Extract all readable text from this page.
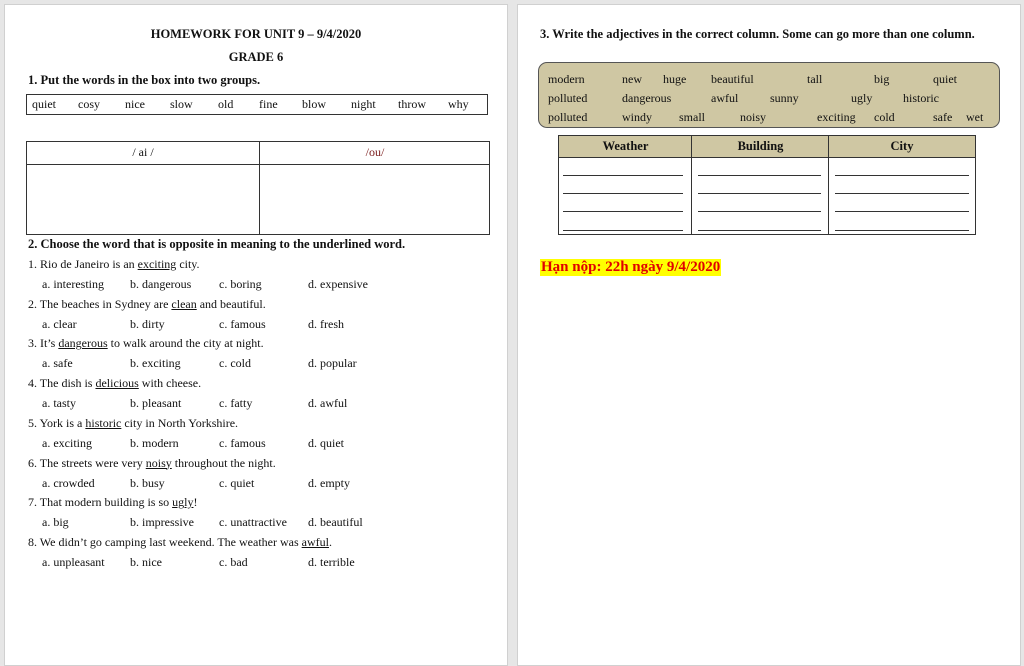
HOMEWORK FOR UNIT 9 – 9/4/2020
GRADE 6
1. Put the words in the box into two groups.
quiet cosy nice slow old fine blow night throw why
/ ai /	/ou/
2. Choose the word that is opposite in meaning to the underlined word.
1. Rio de Janeiro is an exciting city.
a. interesting b. dangerous c. boring	d. expensive
2. The beaches in Sydney are clean and beautiful.
a. clear	b. dirty	c. famous	d. fresh
3. It’s dangerous to walk around the city at night.
a. safe	b. exciting	c. cold	d. popular
4. The dish is delicious with cheese.
a. tasty	b. pleasant	c. fatty	d. awful
5. York is a historic city in North Yorkshire.
a. exciting	b. modern	c. famous	d. quiet
6. The streets were very noisy throughout the night.
a. crowded	b. busy	c. quiet	d. empty
7. That modern building is so ugly!
a. big	b. impressive c. unattractive d. beautiful
8. We didn’t go camping last weekend. The weather was awful.
a. unpleasant b. nice	c. bad	d. terrible
3. Write the adjectives in the correct column. Some can go more than one column.
modern	new huge beautiful	tall	big	quiet
polluted	dangerous	awful	sunny	ugly	historic
polluted	windy small	noisy	exciting cold	safe wet
Weather	Building	City
Hạn nộp: 22h ngày 9/4/2020
